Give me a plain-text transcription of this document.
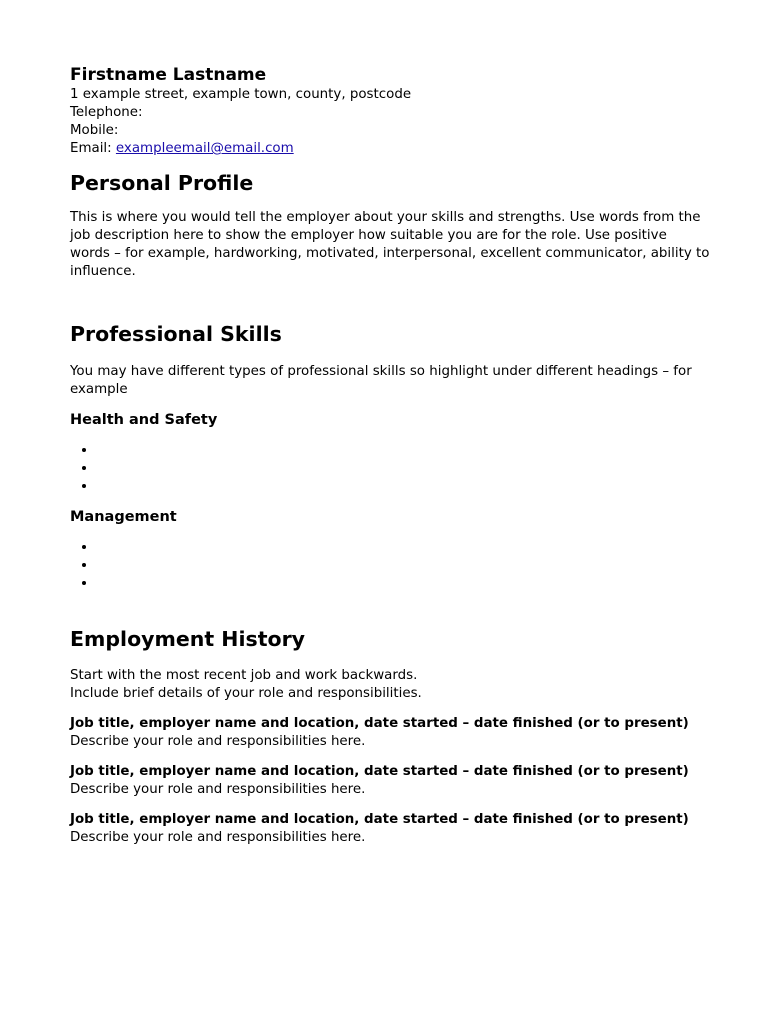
Firstname Lastname

1 example street, example town, county, postcode

Telephone:

Mobile:

Email: exampleemail@email.com

Personal Profile

This is where you would tell the employer about your skills and strengths. Use words from the job description here to show the employer how suitable you are for the role. Use positive words – for example, hardworking, motivated, interpersonal, excellent communicator, ability to influence.

Professional Skills

You may have different types of professional skills so highlight under different headings – for example

Health and Safety
•
•
•
Management
•
•
•
Employment History

Start with the most recent job and work backwards.

Include brief details of your role and responsibilities.

Job title, employer name and location, date started – date finished (or to present)

Describe your role and responsibilities here.

Job title, employer name and location, date started – date finished (or to present)

Describe your role and responsibilities here.

Job title, employer name and location, date started – date finished (or to present)

Describe your role and responsibilities here.
